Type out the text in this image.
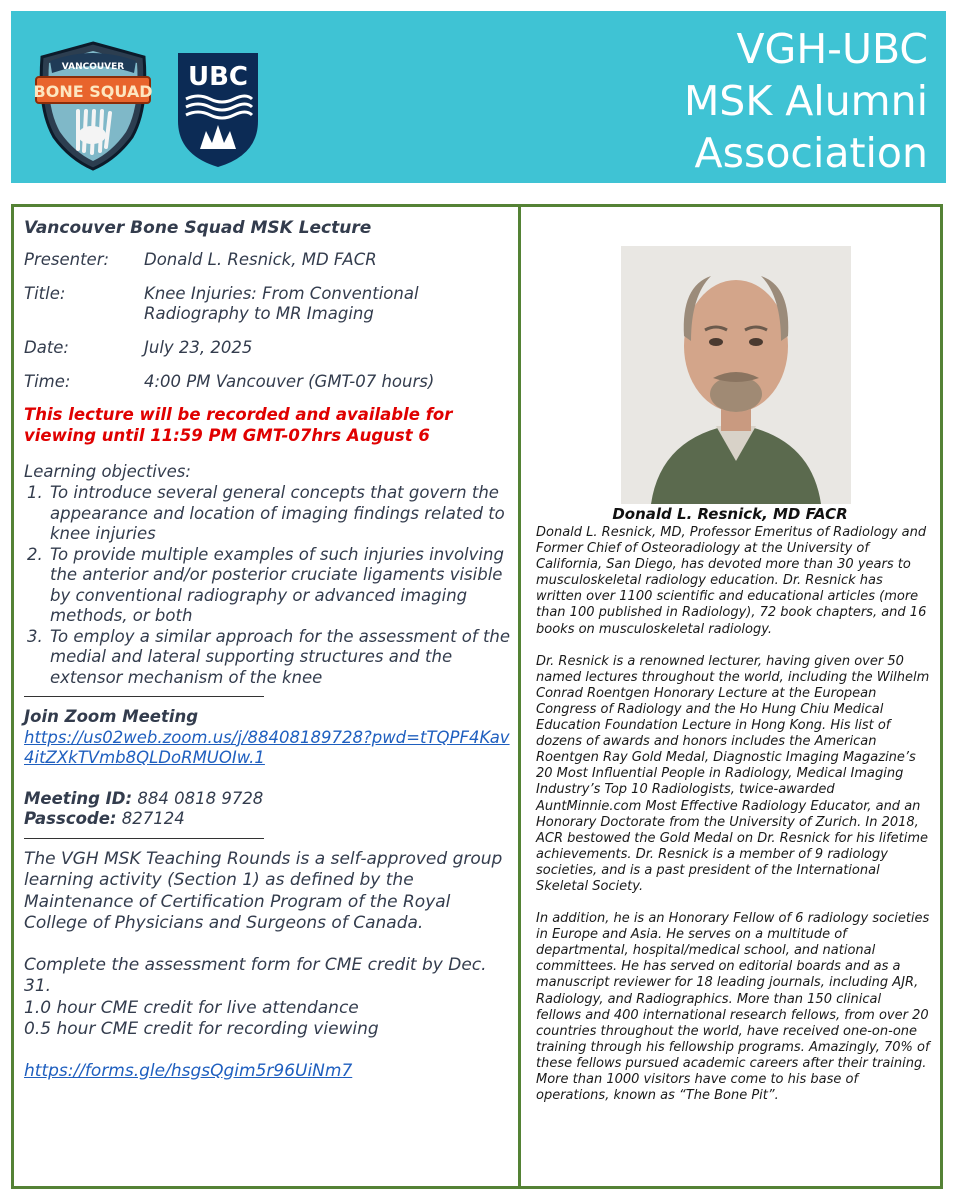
VANCOUVER
BONE SQUAD UBC
VGH-UBC
MSK Alumni
Association
Vancouver Bone Squad MSK Lecture
Presenter:	Donald L. Resnick, MD FACR
Title:	Knee Injuries: From Conventional Radiography to MR Imaging
Date:	July 23, 2025
Time:	4:00 PM Vancouver (GMT-07 hours)
This lecture will be recorded and available for viewing until 11:59 PM GMT-07hrs August 6
Learning objectives:
1. To introduce several general concepts that govern the appearance and location of imaging findings related to knee injuries
2. To provide multiple examples of such injuries involving the anterior and/or posterior cruciate ligaments visible by conventional radiography or advanced imaging methods, or both
3. To employ a similar approach for the assessment of the medial and lateral supporting structures and the extensor mechanism of the knee
Join Zoom Meeting
https://us02web.zoom.us/j/88408189728?pwd=tTQPF4Kav4itZXkTVmb8QLDoRMUOIw.1
Meeting ID: 884 0818 9728
Passcode: 827124
The VGH MSK Teaching Rounds is a self-approved group learning activity (Section 1) as defined by the Maintenance of Certification Program of the Royal College of Physicians and Surgeons of Canada.
Complete the assessment form for CME credit by Dec. 31.
1.0 hour CME credit for live attendance
0.5 hour CME credit for recording viewing
https://forms.gle/hsgsQgim5r96UiNm7
Donald L. Resnick, MD FACR

Donald L. Resnick, MD, Professor Emeritus of Radiology and Former Chief of Osteoradiology at the University of California, San Diego, has devoted more than 30 years to musculoskeletal radiology education. Dr. Resnick has written over 1100 scientific and educational articles (more than 100 published in Radiology), 72 book chapters, and 16 books on musculoskeletal radiology.

Dr. Resnick is a renowned lecturer, having given over 50 named lectures throughout the world, including the Wilhelm Conrad Roentgen Honorary Lecture at the European Congress of Radiology and the Ho Hung Chiu Medical Education Foundation Lecture in Hong Kong. His list of dozens of awards and honors includes the American Roentgen Ray Gold Medal, Diagnostic Imaging Magazine’s 20 Most Influential People in Radiology, Medical Imaging Industry’s Top 10 Radiologists, twice-awarded AuntMinnie.com Most Effective Radiology Educator, and an Honorary Doctorate from the University of Zurich. In 2018, ACR bestowed the Gold Medal on Dr. Resnick for his lifetime achievements. Dr. Resnick is a member of 9 radiology societies, and is a past president of the International Skeletal Society.

In addition, he is an Honorary Fellow of 6 radiology societies in Europe and Asia. He serves on a multitude of departmental, hospital/medical school, and national committees. He has served on editorial boards and as a manuscript reviewer for 18 leading journals, including AJR, Radiology, and Radiographics. More than 150 clinical fellows and 400 international research fellows, from over 20 countries throughout the world, have received one-on-one training through his fellowship programs. Amazingly, 70% of these fellows pursued academic careers after their training. More than 1000 visitors have come to his base of operations, known as “The Bone Pit”.
